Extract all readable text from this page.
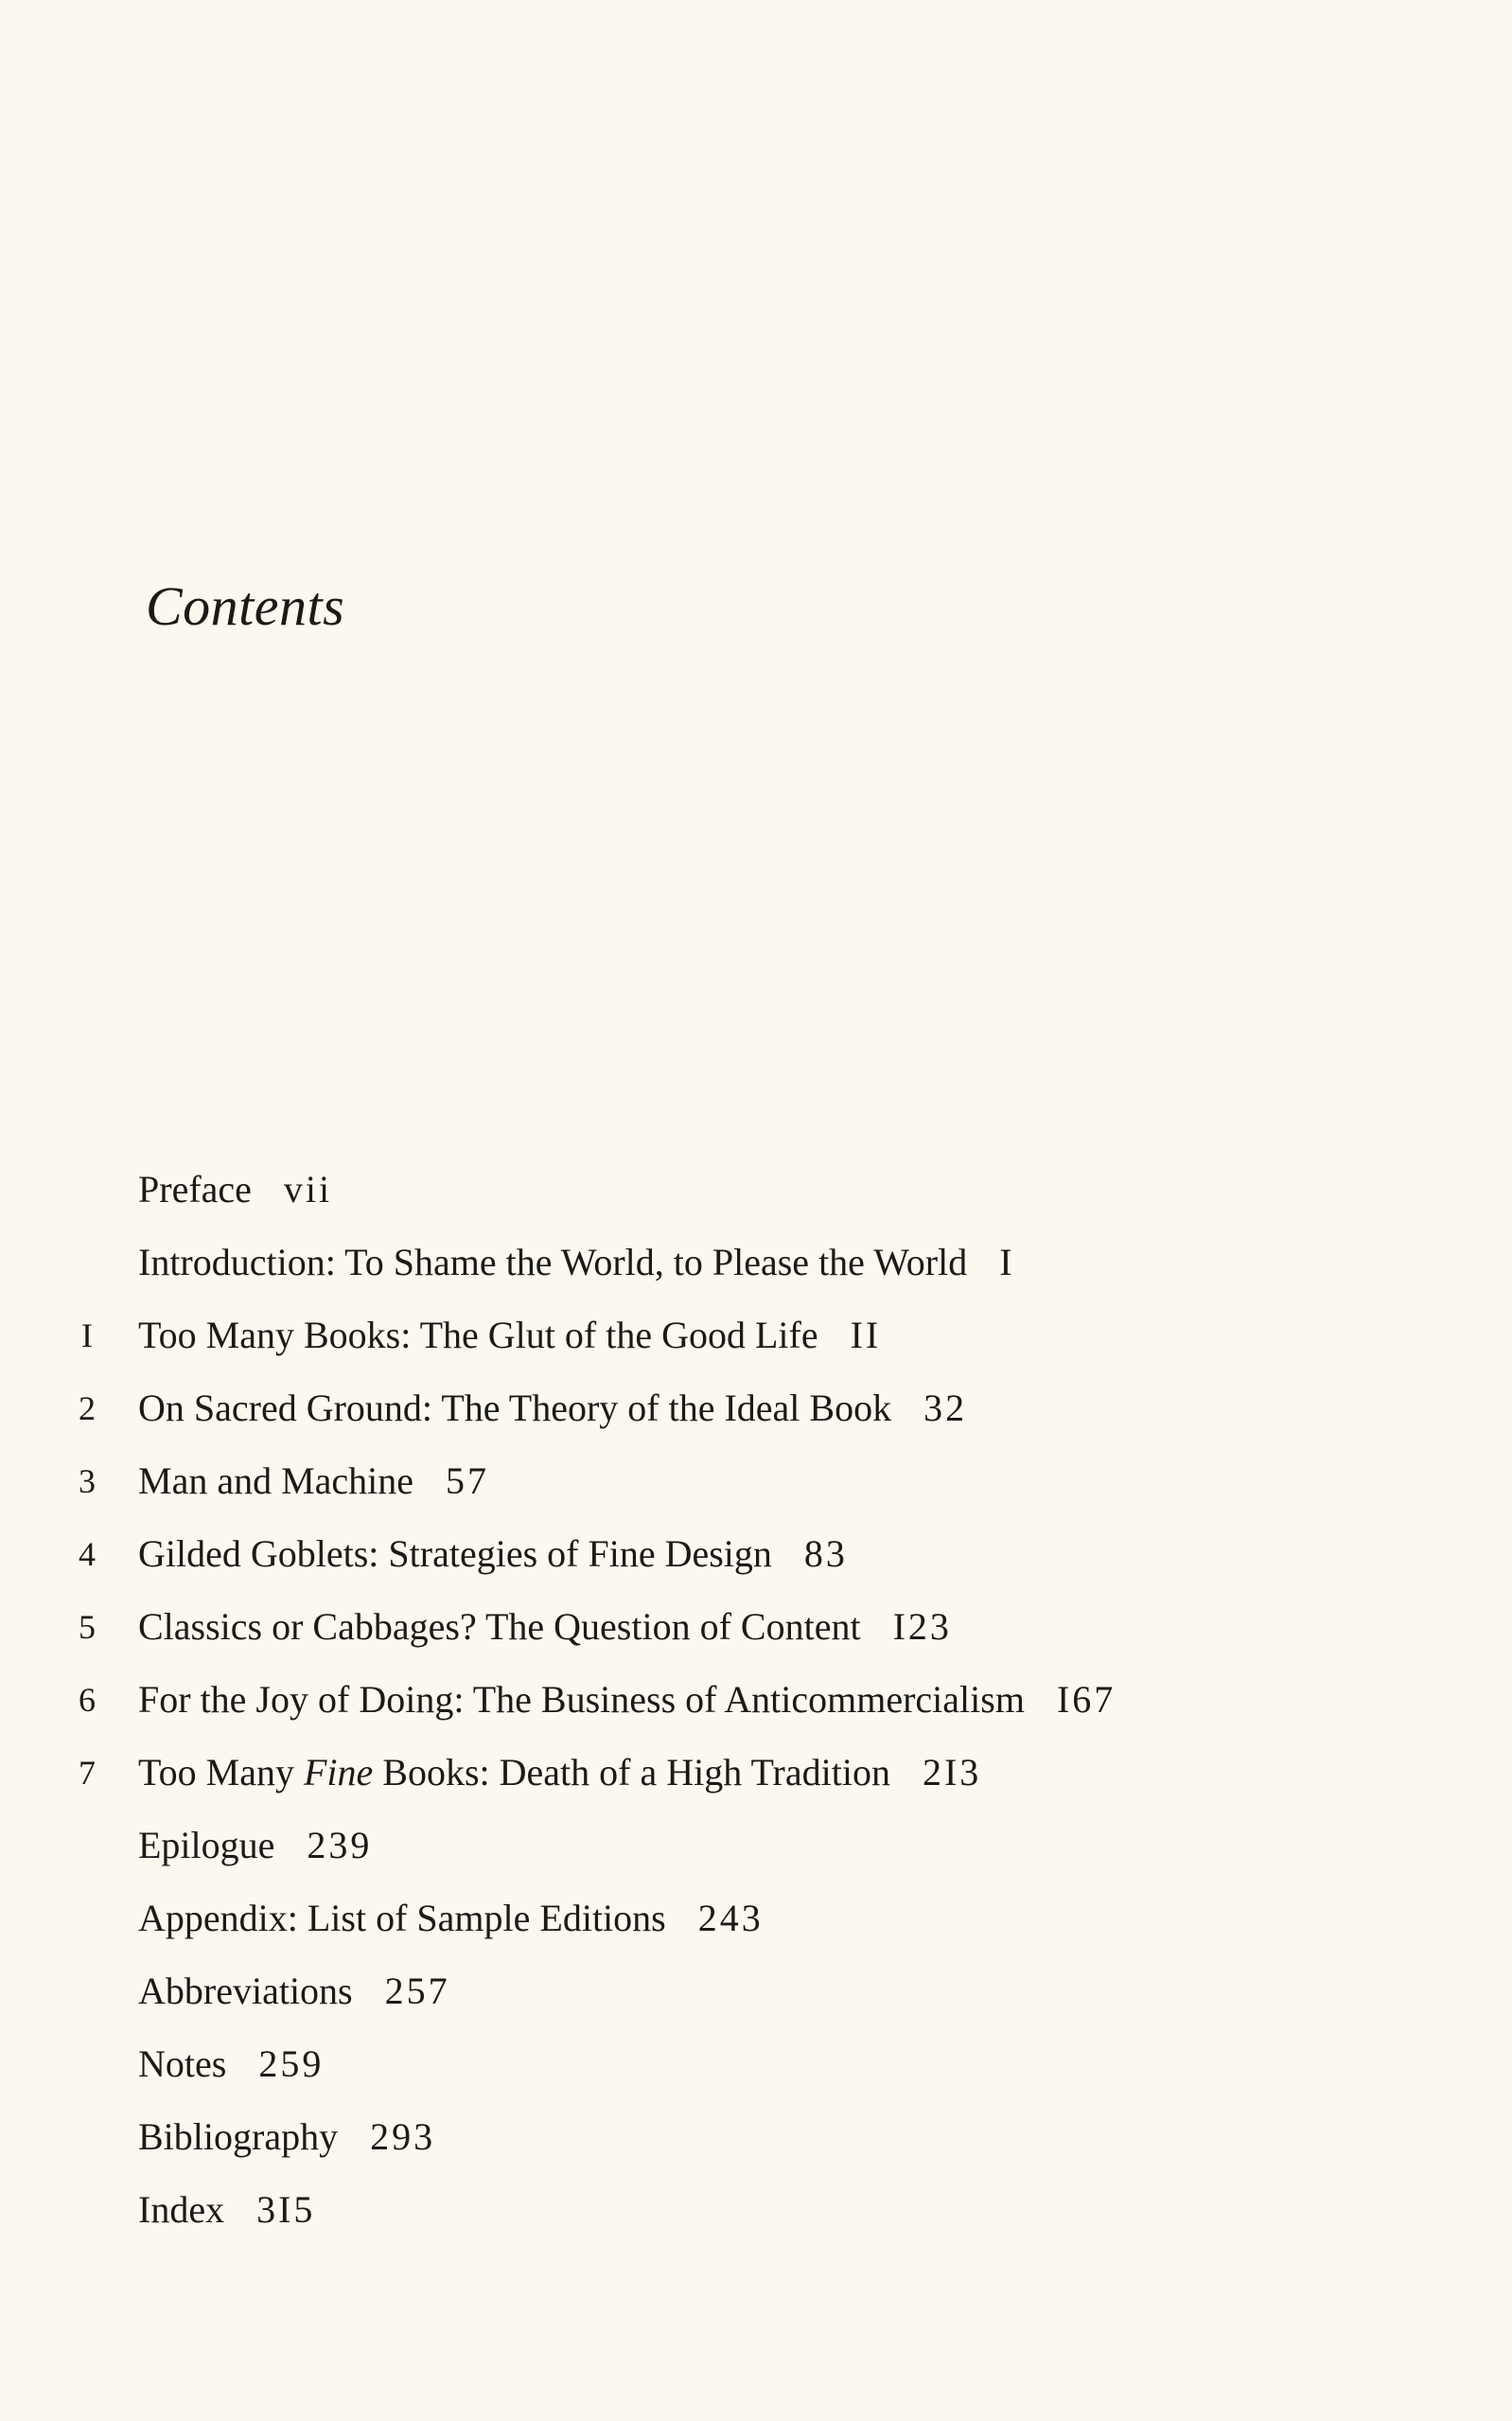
Contents
Preface vii
Introduction: To Shame the World, to Please the World I
I	Too Many Books: The Glut of the Good Life II
2 On Sacred Ground: The Theory of the Ideal Book 32
3 Man and Machine 57
4 Gilded Goblets: Strategies of Fine Design 83
5 Classics or Cabbages? The Question of Content I23
6 For the Joy of Doing: The Business of Anticommercialism I67
7 Too Many Fine Books: Death of a High Tradition 2I3
Epilogue 239
Appendix: List of Sample Editions 243
Abbreviations 257
Notes 259
Bibliography 293
Index 3I5
